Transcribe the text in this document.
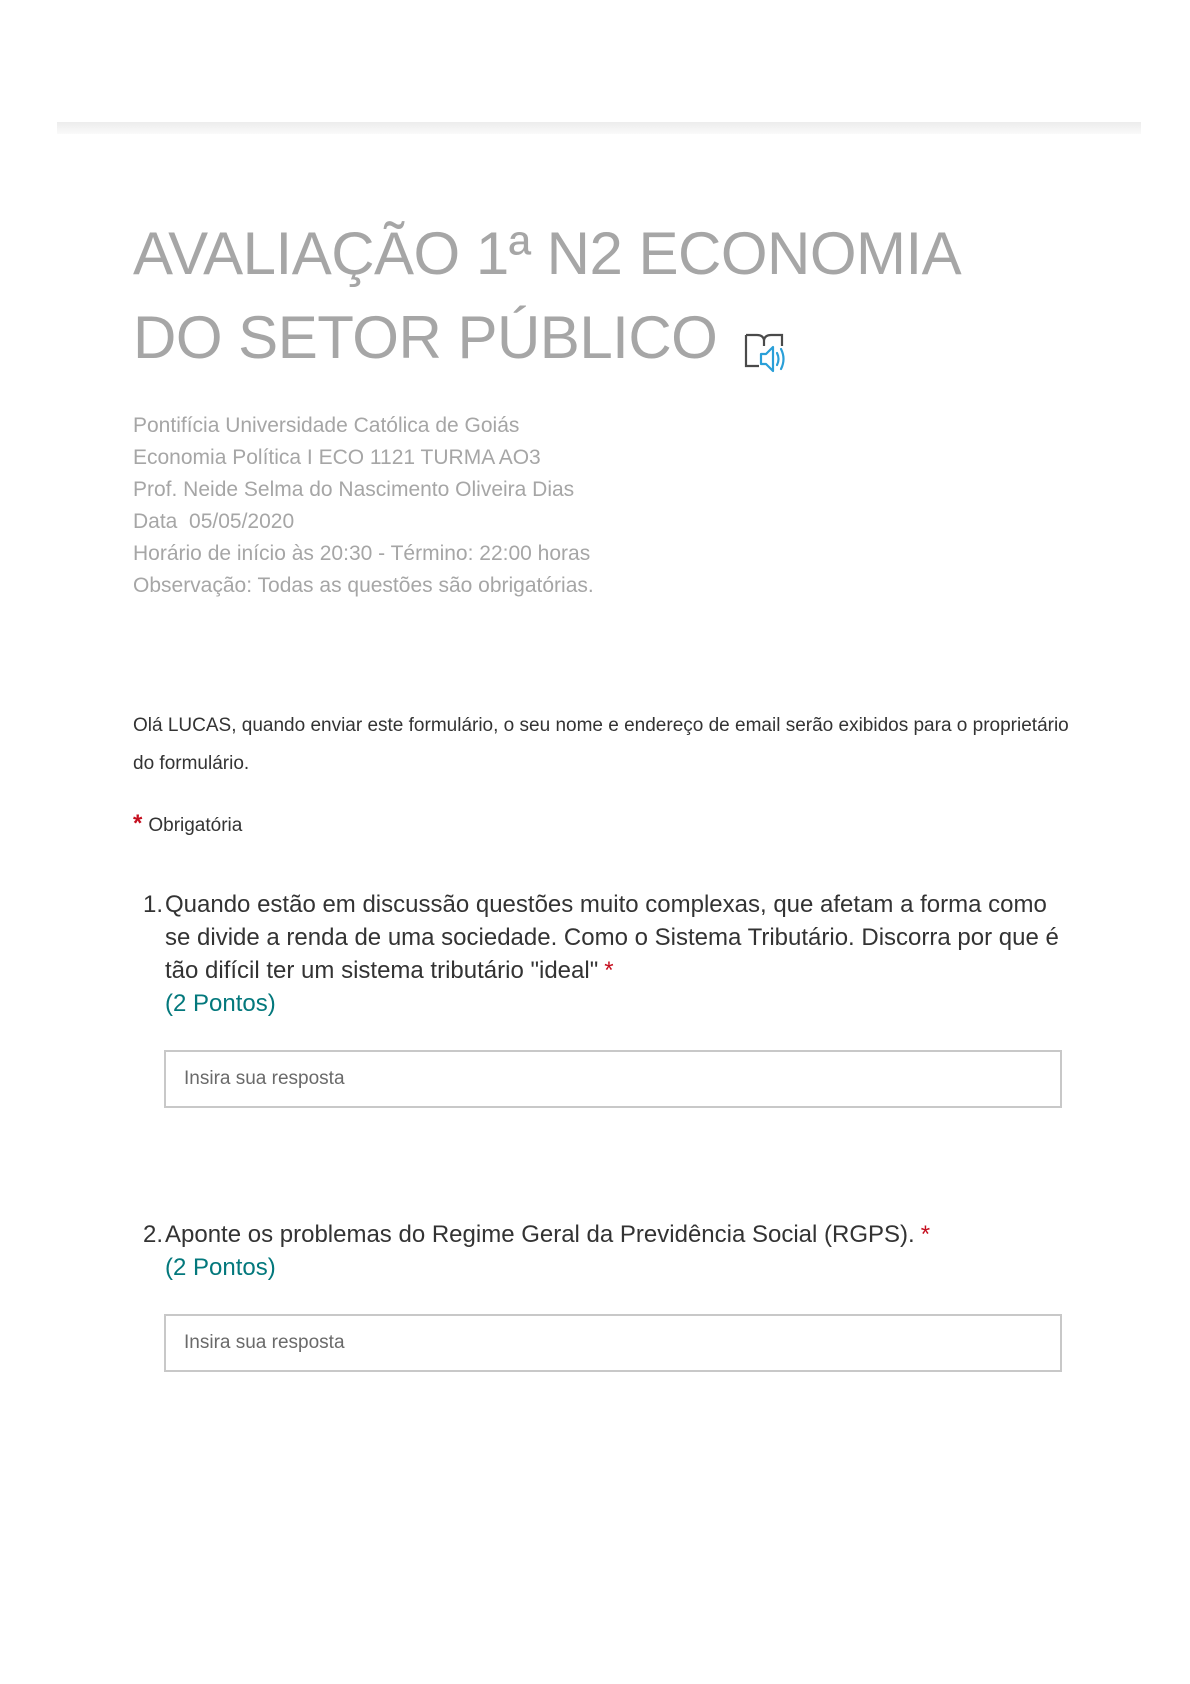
AVALIAÇÃO 1ª N2 ECONOMIA DO SETOR PÚBLICO
Pontifícia Universidade Católica de Goiás
Economia Política I ECO 1121 TURMA AO3
Prof. Neide Selma do Nascimento Oliveira Dias
Data  05/05/2020
Horário de início às 20:30 - Término: 22:00 horas
Observação: Todas as questões são obrigatórias.
Olá LUCAS, quando enviar este formulário, o seu nome e endereço de email serão exibidos para o proprietário do formulário.
* Obrigatória
1. Quando estão em discussão questões muito complexas, que afetam a forma como se divide a renda de uma sociedade. Como o Sistema Tributário. Discorra por que é tão difícil ter um sistema tributário "ideal" *
(2 Pontos)
Insira sua resposta
2. Aponte os problemas do Regime Geral da Previdência Social (RGPS). *
(2 Pontos)
Insira sua resposta
